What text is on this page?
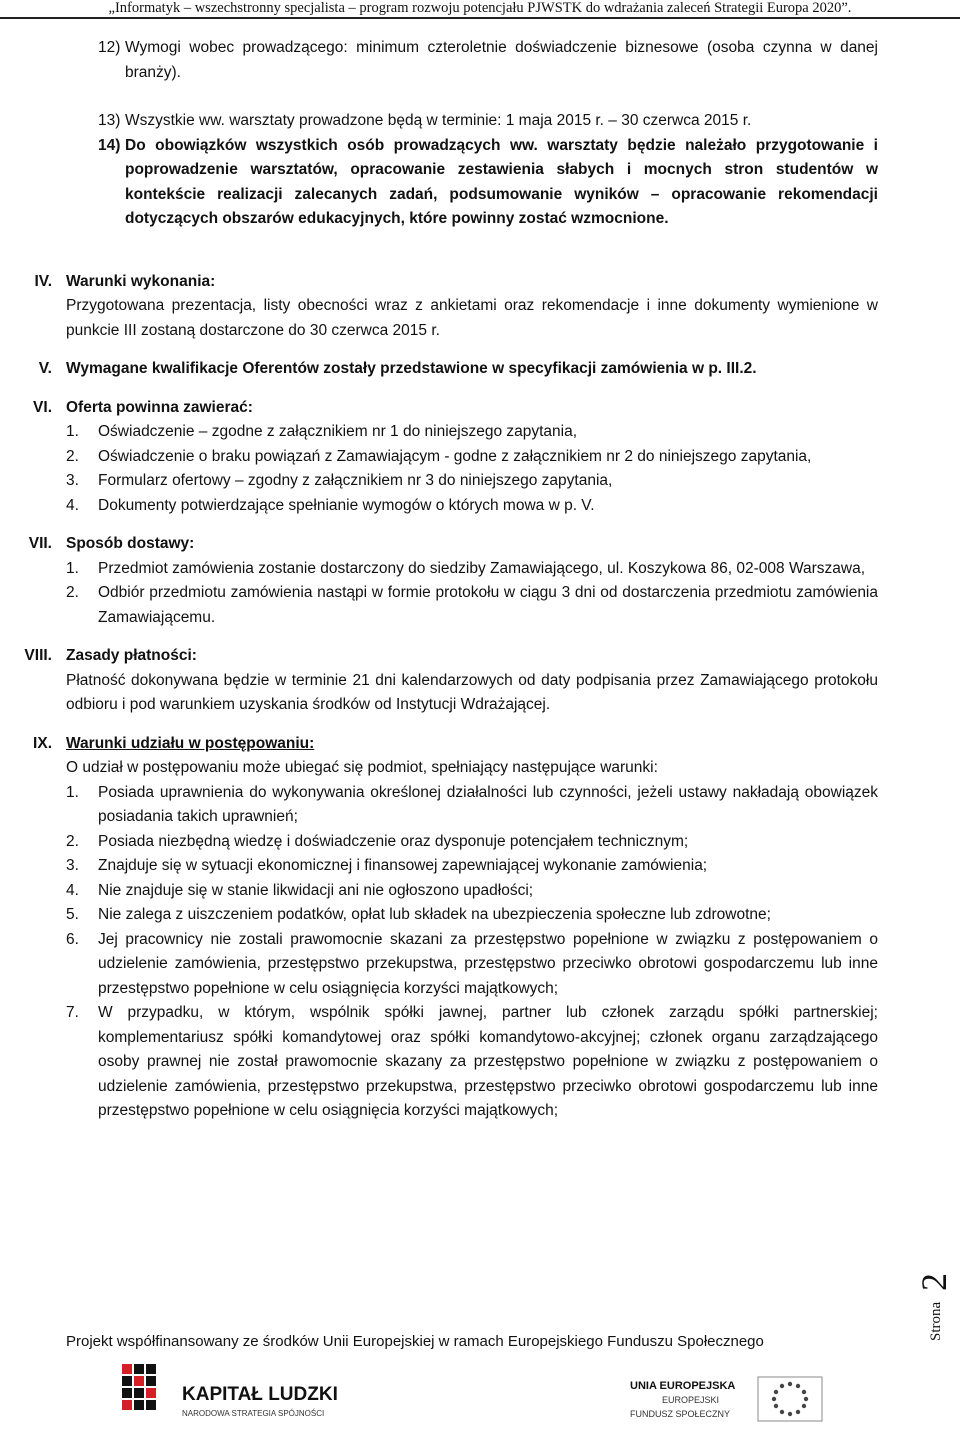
„Informatyk – wszechstronny specjalista – program rozwoju potencjału PJWSTK do wdrażania zaleceń Strategii Europa 2020”.
12) Wymogi wobec prowadzącego: minimum czteroletnie doświadczenie biznesowe (osoba czynna w danej branży).
13) Wszystkie ww. warsztaty prowadzone będą w terminie: 1 maja 2015 r. – 30 czerwca 2015 r.
14) Do obowiązków wszystkich osób prowadzących ww. warsztaty będzie należało przygotowanie i poprowadzenie warsztatów, opracowanie zestawienia słabych i mocnych stron studentów w kontekście realizacji zalecanych zadań, podsumowanie wyników – opracowanie rekomendacji dotyczących obszarów edukacyjnych, które powinny zostać wzmocnione.
IV. Warunki wykonania:
Przygotowana prezentacja, listy obecności wraz z ankietami oraz rekomendacje i inne dokumenty wymienione w punkcie III zostaną dostarczone do 30 czerwca 2015 r.
V. Wymagane kwalifikacje Oferentów zostały przedstawione w specyfikacji zamówienia w p. III.2.
VI. Oferta powinna zawierać:
1. Oświadczenie – zgodne z załącznikiem nr 1 do niniejszego zapytania,
2. Oświadczenie o braku powiązań z Zamawiającym - godne z załącznikiem nr 2 do niniejszego zapytania,
3. Formularz ofertowy – zgodny z załącznikiem nr 3 do niniejszego zapytania,
4. Dokumenty potwierdzające spełnianie wymogów o których mowa w p. V.
VII. Sposób dostawy:
1. Przedmiot zamówienia zostanie dostarczony do siedziby Zamawiającego, ul. Koszykowa 86, 02-008 Warszawa,
2. Odbiór przedmiotu zamówienia nastąpi w formie protokołu w ciągu 3 dni od dostarczenia przedmiotu zamówienia Zamawiającemu.
VIII. Zasady płatności:
Płatność dokonywana będzie w terminie 21 dni kalendarzowych od daty podpisania przez Zamawiającego protokołu odbioru i pod warunkiem uzyskania środków od Instytucji Wdrażającej.
IX. Warunki udziału w postępowaniu:
O udział w postępowaniu może ubiegać się podmiot, spełniający następujące warunki:
1. Posiada uprawnienia do wykonywania określonej działalności lub czynności, jeżeli ustawy nakładają obowiązek posiadania takich uprawnień;
2. Posiada niezbędną wiedzę i doświadczenie oraz dysponuje potencjałem technicznym;
3. Znajduje się w sytuacji ekonomicznej i finansowej zapewniającej wykonanie zamówienia;
4. Nie znajduje się w stanie likwidacji ani nie ogłoszono upadłości;
5. Nie zalega z uiszczeniem podatków, opłat lub składek na ubezpieczenia społeczne lub zdrowotne;
6. Jej pracownicy nie zostali prawomocnie skazani za przestępstwo popełnione w związku z postępowaniem o udzielenie zamówienia, przestępstwo przekupstwa, przestępstwo przeciwko obrotowi gospodarczemu lub inne przestępstwo popełnione w celu osiągnięcia korzyści majątkowych;
7. W przypadku, w którym, wspólnik spółki jawnej, partner lub członek zarządu spółki partnerskiej; komplementariusz spółki komandytowej oraz spółki komandytowo-akcyjnej; członek organu zarządzającego osoby prawnej nie został prawomocnie skazany za przestępstwo popełnione w związku z postępowaniem o udzielenie zamówienia, przestępstwo przekupstwa, przestępstwo przeciwko obrotowi gospodarczemu lub inne przestępstwo popełnione w celu osiągnięcia korzyści majątkowych;
Strona
2
Projekt współfinansowany ze środków Unii Europejskiej w ramach Europejskiego Funduszu Społecznego
KAPITAŁ LUDZKI
NARODOWA STRATEGIA SPÓJNOŚCI
UNIA EUROPEJSKA
EUROPEJSKI
FUNDUSZ SPOŁECZNY
